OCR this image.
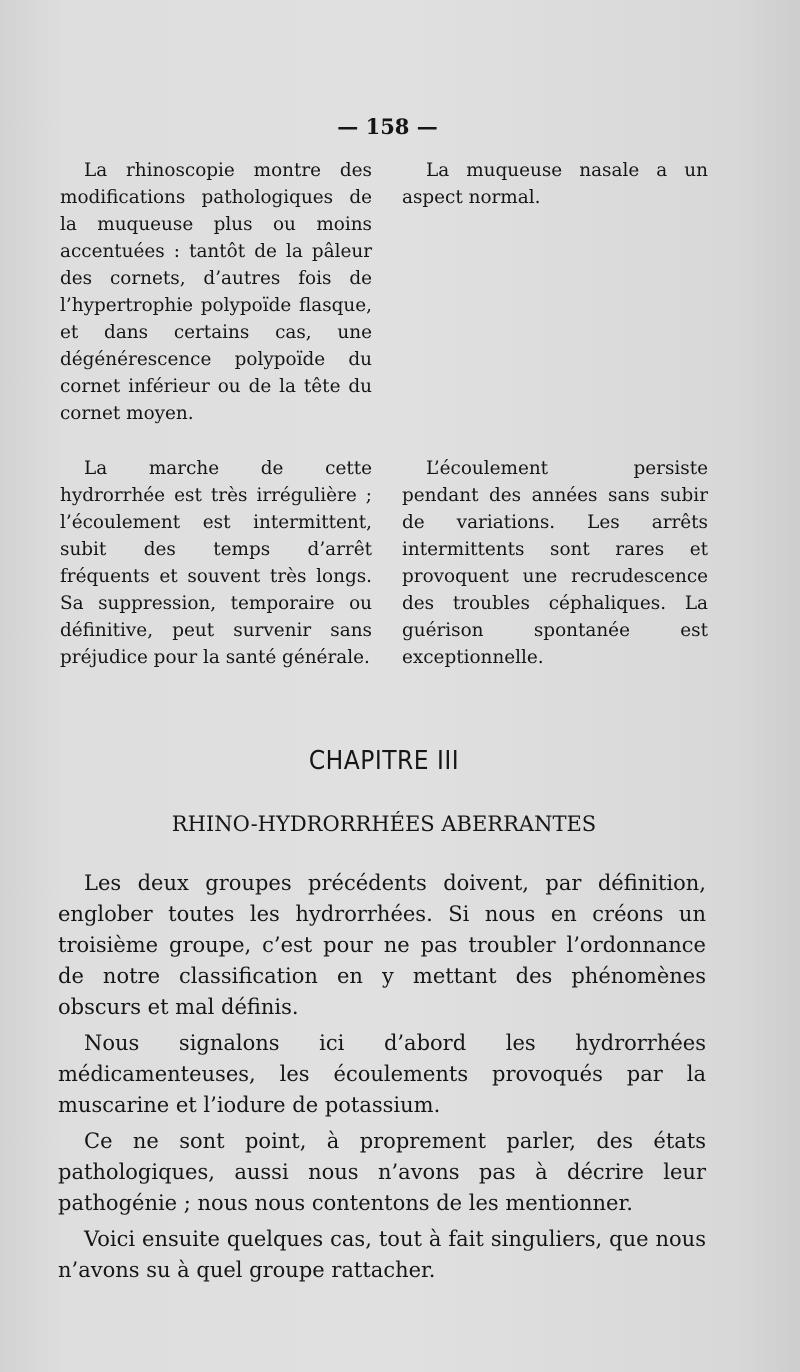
— 158 —

La rhinoscopie montre des modifications pathologiques de la muqueuse plus ou moins accentuées : tantôt de la pâleur des cornets, d’autres fois de l’hypertrophie polypoïde flasque, et dans certains cas, une dégénérescence polypoïde du cornet inférieur ou de la tête du cornet moyen.

La marche de cette hydrorrhée est très irrégulière ; l’écoulement est intermittent, subit des temps d’arrêt fréquents et souvent très longs. Sa suppression, temporaire ou définitive, peut survenir sans préjudice pour la santé générale.

La muqueuse nasale a un aspect normal.

L’écoulement persiste pendant des années sans subir de variations. Les arrêts intermittents sont rares et provoquent une recrudescence des troubles céphaliques. La guérison spontanée est exceptionnelle.

CHAPITRE III
RHINO-HYDRORRHÉES ABERRANTES

Les deux groupes précédents doivent, par définition, englober toutes les hydrorrhées. Si nous en créons un troisième groupe, c’est pour ne pas troubler l’ordonnance de notre classification en y mettant des phénomènes obscurs et mal définis.

Nous signalons ici d’abord les hydrorrhées médicamenteuses, les écoulements provoqués par la muscarine et l’iodure de potassium.

Ce ne sont point, à proprement parler, des états pathologiques, aussi nous n’avons pas à décrire leur pathogénie ; nous nous contentons de les mentionner.

Voici ensuite quelques cas, tout à fait singuliers, que nous n’avons su à quel groupe rattacher.
